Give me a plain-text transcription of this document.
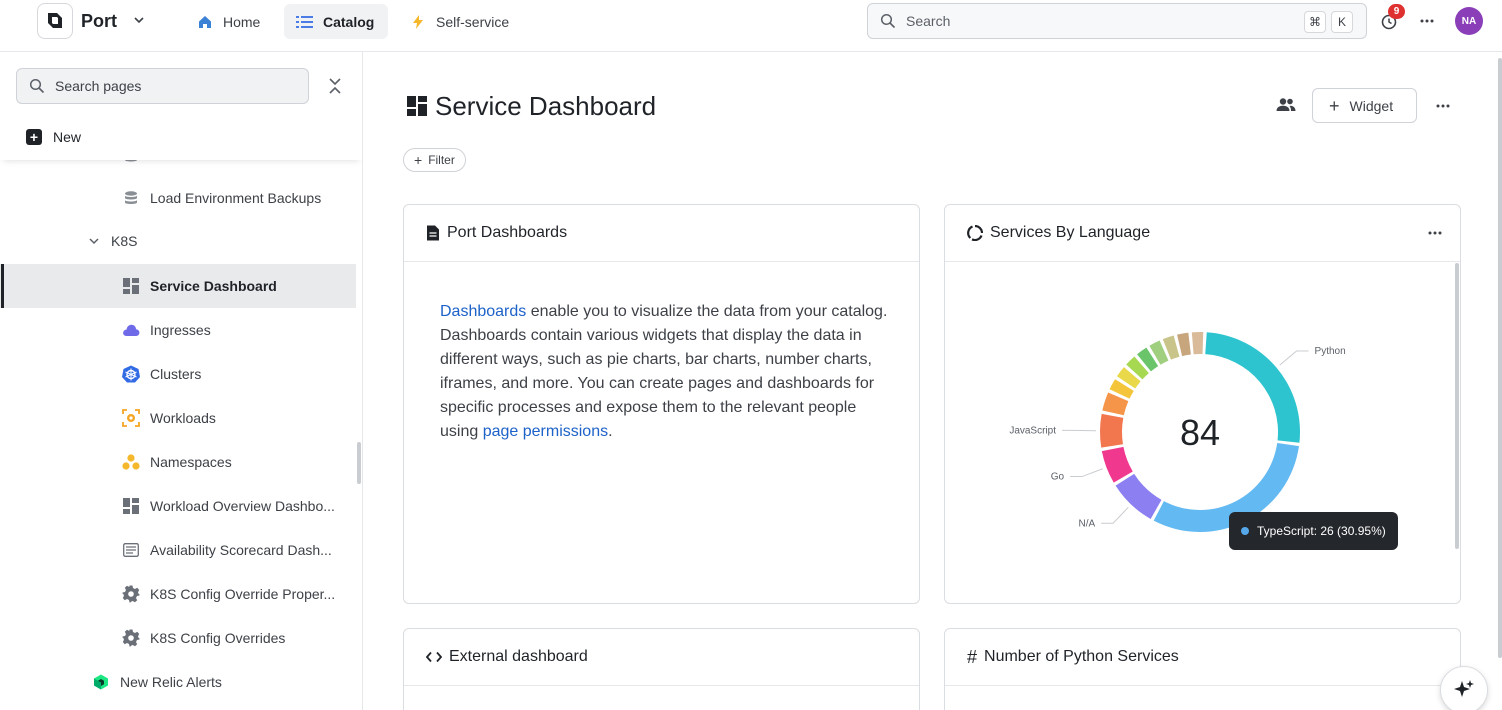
Port	Home	Catalog	Self-service	Search	⌘	K
9
NA
Search pages
+ New
Load Environment Backups
K8S
Service Dashboard
Ingresses
Clusters
Workloads
Namespaces
Workload Overview Dashbo...
Availability Scorecard Dash...
K8S Config Override Proper...
K8S Config Overrides
New Relic Alerts
Service Dashboard	+ Widget
+ Filter
Port Dashboards

Dashboards enable you to visualize the data from your catalog. Dashboards contain various widgets that display the data in different ways, such as pie charts, bar charts, number charts, iframes, and more. You can create pages and dashboards for specific processes and expose them to the relevant people using page permissions.

Services By Language
Python
N/A
Go
JavaScript	84
TypeScript: 26 (30.95%)
External dashboard	# Number of Python Services
